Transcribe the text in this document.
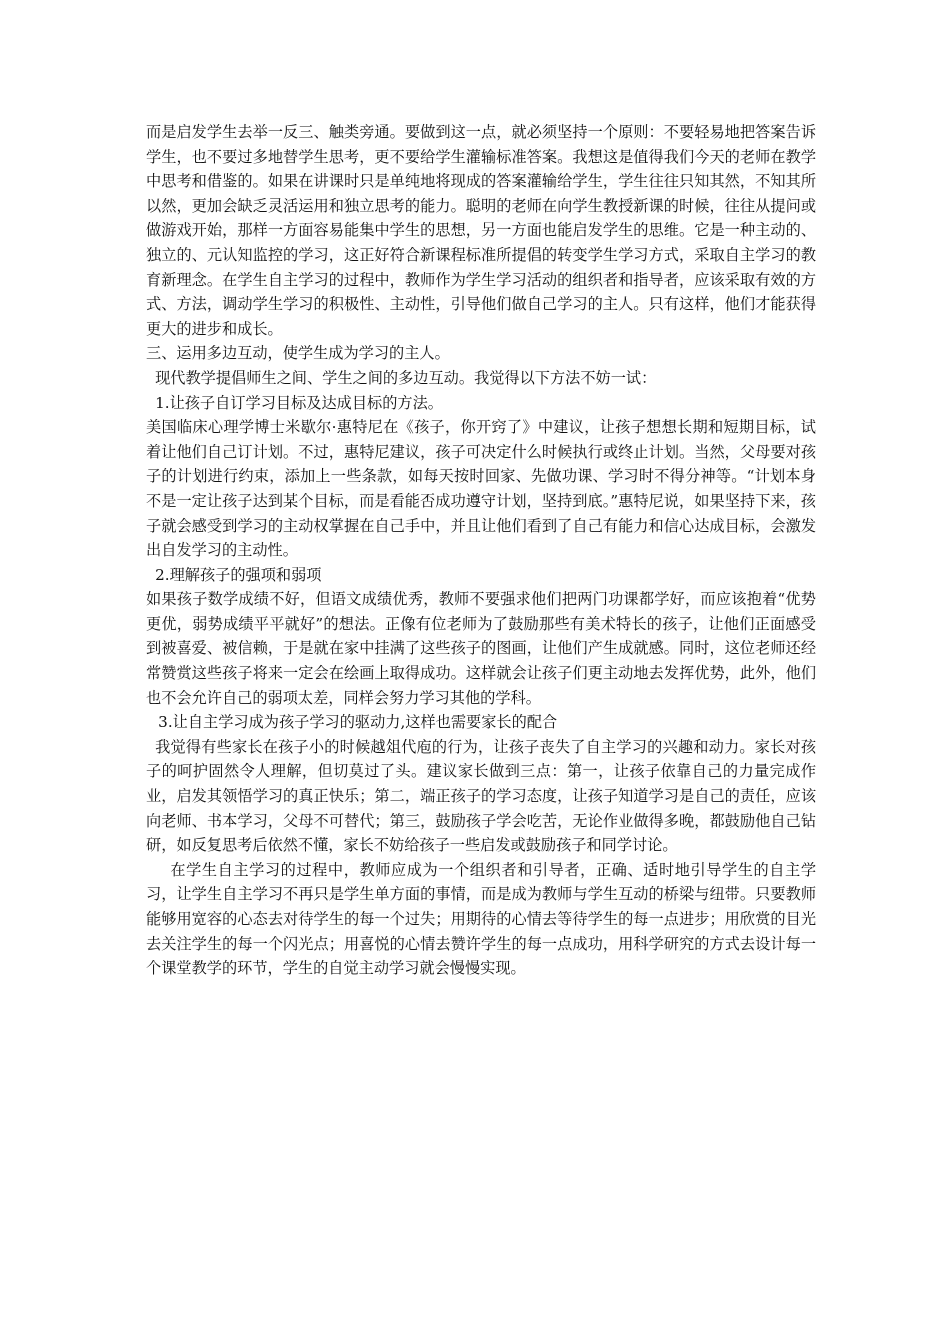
而是启发学生去举一反三、触类旁通。要做到这一点，就必须坚持一个原则：不要轻易地把答案告诉学生，也不要过多地替学生思考，更不要给学生灌输标准答案。我想这是值得我们今天的老师在教学中思考和借鉴的。如果在讲课时只是单纯地将现成的答案灌输给学生，学生往往只知其然，不知其所以然，更加会缺乏灵活运用和独立思考的能力。聪明的老师在向学生教授新课的时候，往往从提问或做游戏开始，那样一方面容易能集中学生的思想，另一方面也能启发学生的思维。它是一种主动的、独立的、元认知监控的学习，这正好符合新课程标准所提倡的转变学生学习方式，采取自主学习的教育新理念。在学生自主学习的过程中，教师作为学生学习活动的组织者和指导者，应该采取有效的方式、方法，调动学生学习的积极性、主动性，引导他们做自己学习的主人。只有这样，他们才能获得更大的进步和成长。

三、运用多边互动，使学生成为学习的主人。

现代教学提倡师生之间、学生之间的多边互动。我觉得以下方法不妨一试：

1.让孩子自订学习目标及达成目标的方法。

美国临床心理学博士米歇尔·惠特尼在《孩子，你开窍了》中建议，让孩子想想长期和短期目标，试着让他们自己订计划。不过，惠特尼建议，孩子可决定什么时候执行或终止计划。当然，父母要对孩子的计划进行约束，添加上一些条款，如每天按时回家、先做功课、学习时不得分神等。“计划本身不是一定让孩子达到某个目标，而是看能否成功遵守计划，坚持到底。”惠特尼说，如果坚持下来，孩子就会感受到学习的主动权掌握在自己手中，并且让他们看到了自己有能力和信心达成目标，会激发出自发学习的主动性。

2.理解孩子的强项和弱项

如果孩子数学成绩不好，但语文成绩优秀，教师不要强求他们把两门功课都学好，而应该抱着“优势更优，弱势成绩平平就好”的想法。正像有位老师为了鼓励那些有美术特长的孩子，让他们正面感受到被喜爱、被信赖，于是就在家中挂满了这些孩子的图画，让他们产生成就感。同时，这位老师还经常赞赏这些孩子将来一定会在绘画上取得成功。这样就会让孩子们更主动地去发挥优势，此外，他们也不会允许自己的弱项太差，同样会努力学习其他的学科。

3.让自主学习成为孩子学习的驱动力,这样也需要家长的配合

我觉得有些家长在孩子小的时候越俎代庖的行为，让孩子丧失了自主学习的兴趣和动力。家长对孩子的呵护固然令人理解，但切莫过了头。建议家长做到三点：第一，让孩子依靠自己的力量完成作业，启发其领悟学习的真正快乐；第二，端正孩子的学习态度，让孩子知道学习是自己的责任，应该向老师、书本学习，父母不可替代；第三，鼓励孩子学会吃苦，无论作业做得多晚，都鼓励他自己钻研，如反复思考后依然不懂，家长不妨给孩子一些启发或鼓励孩子和同学讨论。

在学生自主学习的过程中，教师应成为一个组织者和引导者，正确、适时地引导学生的自主学习，让学生自主学习不再只是学生单方面的事情，而是成为教师与学生互动的桥梁与纽带。只要教师能够用宽容的心态去对待学生的每一个过失；用期待的心情去等待学生的每一点进步；用欣赏的目光去关注学生的每一个闪光点；用喜悦的心情去赞许学生的每一点成功，用科学研究的方式去设计每一个课堂教学的环节，学生的自觉主动学习就会慢慢实现。
